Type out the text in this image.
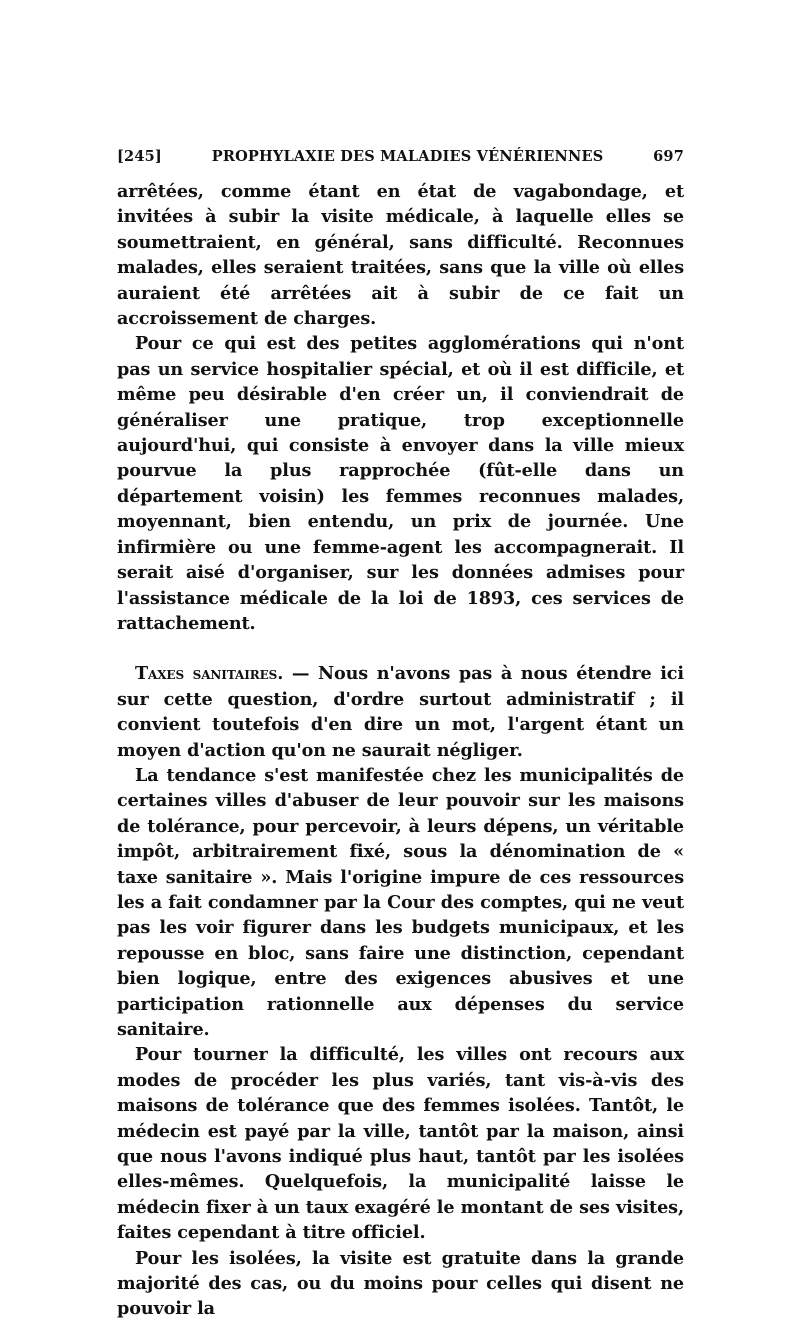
[245]	PROPHYLAXIE DES MALADIES VÉNÉRIENNES	697

arrêtées, comme étant en état de vagabondage, et invitées à subir la visite médicale, à laquelle elles se soumettraient, en général, sans difficulté. Reconnues malades, elles seraient traitées, sans que la ville où elles auraient été arrêtées ait à subir de ce fait un accroissement de charges.

Pour ce qui est des petites agglomérations qui n'ont pas un service hospitalier spécial, et où il est difficile, et même peu désirable d'en créer un, il conviendrait de généraliser une pratique, trop exceptionnelle aujourd'hui, qui consiste à envoyer dans la ville mieux pourvue la plus rapprochée (fût-elle dans un département voisin) les femmes reconnues malades, moyennant, bien entendu, un prix de journée. Une infirmière ou une femme-agent les accompagnerait. Il serait aisé d'organiser, sur les données admises pour l'assistance médicale de la loi de 1893, ces services de rattachement.

Taxes sanitaires. — Nous n'avons pas à nous étendre ici sur cette question, d'ordre surtout administratif ; il convient toutefois d'en dire un mot, l'argent étant un moyen d'action qu'on ne saurait négliger.

La tendance s'est manifestée chez les municipalités de certaines villes d'abuser de leur pouvoir sur les maisons de tolérance, pour percevoir, à leurs dépens, un véritable impôt, arbitrairement fixé, sous la dénomination de « taxe sanitaire ». Mais l'origine impure de ces ressources les a fait condamner par la Cour des comptes, qui ne veut pas les voir figurer dans les budgets municipaux, et les repousse en bloc, sans faire une distinction, cependant bien logique, entre des exigences abusives et une participation rationnelle aux dépenses du service sanitaire.

Pour tourner la difficulté, les villes ont recours aux modes de procéder les plus variés, tant vis-à-vis des maisons de tolérance que des femmes isolées. Tantôt, le médecin est payé par la ville, tantôt par la maison, ainsi que nous l'avons indiqué plus haut, tantôt par les isolées elles-mêmes. Quelquefois, la municipalité laisse le médecin fixer à un taux exagéré le montant de ses visites, faites cependant à titre officiel.

Pour les isolées, la visite est gratuite dans la grande majorité des cas, ou du moins pour celles qui disent ne pouvoir la
